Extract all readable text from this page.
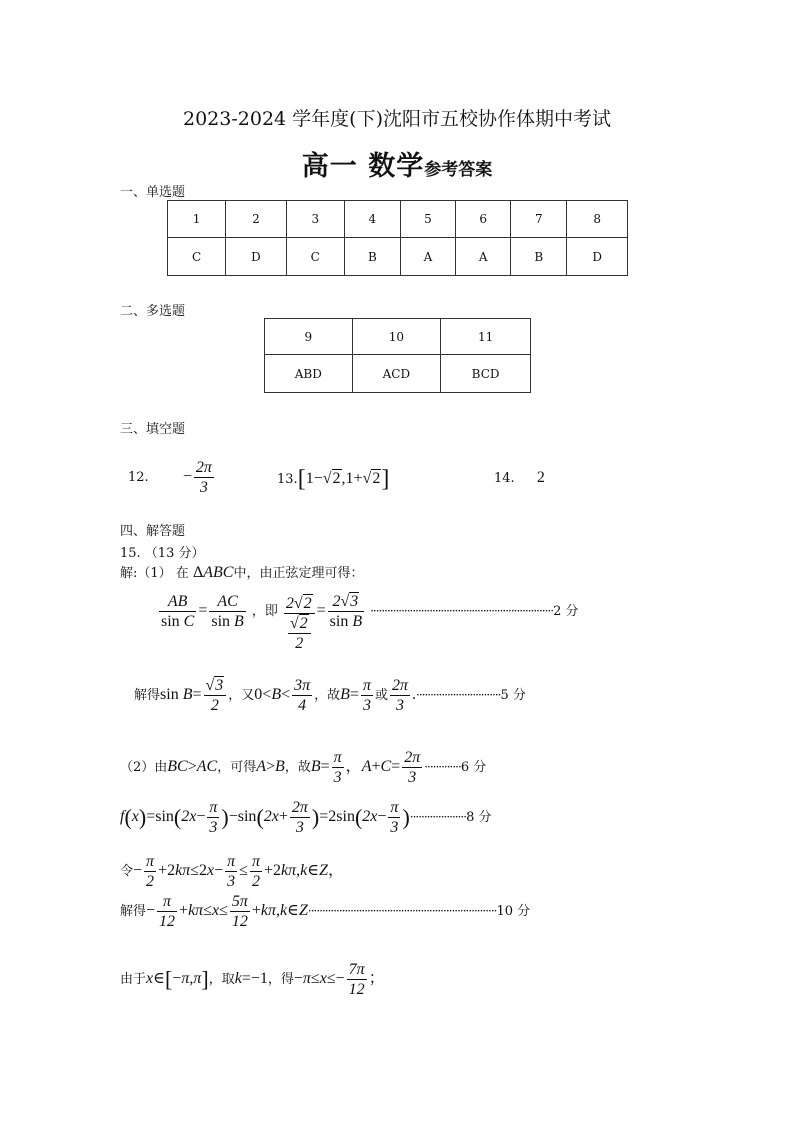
2023-2024 学年度(下)沈阳市五校协作体期中考试
高一 数学参考答案
一、单选题
1	2	3	4	5	6	7	8
C	D	C	B	A	A	B	D
二、多选题
9	10	11
ABD	ACD	BCD
三、填空题
12. − $\frac{2\pi}{3}$	13.[1−√2,1+√2]	14. 2
四、解答题
15. （13 分）
解:（1） 在 ΔABC中，由正弦定理可得：
$\frac{AB}{\text{sin C}} = \frac{AC}{\text{sin B}}$ ，即 $\frac{2√2}{\frac{√2}{2}} = \frac{2√3}{\text{sin B}} \cdot\cdot\cdot\cdot\cdot\cdot\cdot\cdot\cdot\cdot\cdot\cdot\cdot\cdot\cdot\cdot\cdot\cdot\cdot\cdot\cdot\cdot\cdot\cdot\cdot\cdot\cdot\cdot\cdot\cdot\cdot\cdot\cdot\cdot\cdot\cdot\cdot\cdot\cdot\cdot\cdot\cdot\cdot\cdot\cdot\cdot\cdot\cdot\cdot\cdot\cdot\cdot\cdot\cdot\cdot\cdot\cdot\cdot\cdot\cdot\cdot\cdot\cdot\cdot\cdot 2$ 分
解得$\sin B= \frac{√3}{2}$ ，又$0<B< \frac{3\pi}{4}$ ，故$B= \frac{\pi}{3}$ 或 $\frac{2\pi}{3} .\cdot\cdot\cdot\cdot\cdot\cdot\cdot\cdot\cdot\cdot\cdot\cdot\cdot\cdot\cdot\cdot\cdot\cdot\cdot\cdot\cdot\cdot\cdot\cdot\cdot\cdot\cdot\cdot\cdot\cdot 5$ 分
（2）由BC>AC，可得A>B，故$B= \frac{\pi}{3}$ ，$A+C= \frac{2\pi}{3} \cdot\cdot\cdot\cdot\cdot\cdot\cdot\cdot\cdot\cdot\cdot\cdot\cdot 6$ 分
$f(x)=\sin(2x- \frac{\pi}{3} )-\sin(2x+ \frac{2\pi}{3} )=2\sin(2x- \frac{\pi}{3} )\cdot\cdot\cdot\cdot\cdot\cdot\cdot\cdot\cdot\cdot\cdot\cdot\cdot\cdot\cdot\cdot\cdot\cdot\cdot\cdot 8$ 分
令− $\frac{\pi}{2} +2k\pi\le 2x- \frac{\pi}{3} \le \frac{\pi}{2}$ +2kπ,k∈Z，
解得− $\frac{\pi}{12} +k\pi\le x\le \frac{5\pi}{12}$ +kπ,k∈Z···································································10 分
由于x∈[−π,π]，取k=−1，得$-\pi\le x\le- \frac{7\pi}{12}$ ；
